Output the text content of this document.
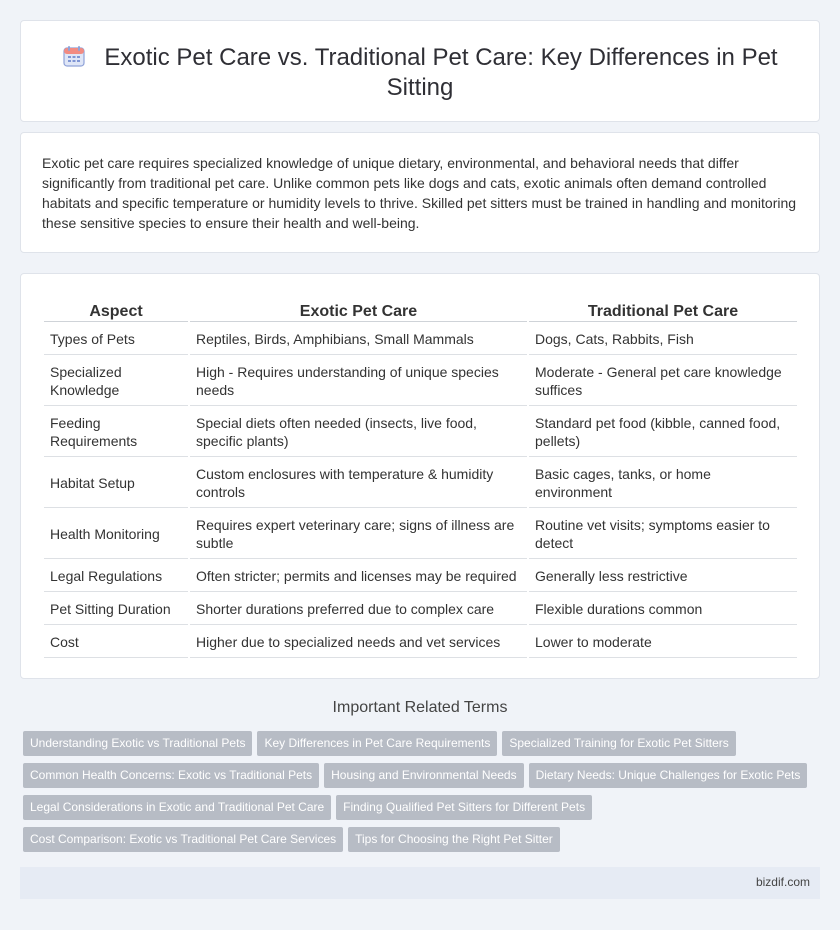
Exotic Pet Care vs. Traditional Pet Care: Key Differences in Pet Sitting

Exotic pet care requires specialized knowledge of unique dietary, environmental, and behavioral needs that differ significantly from traditional pet care. Unlike common pets like dogs and cats, exotic animals often demand controlled habitats and specific temperature or humidity levels to thrive. Skilled pet sitters must be trained in handling and monitoring these sensitive species to ensure their health and well-being.

Aspect	Exotic Pet Care	Traditional Pet Care
Types of Pets	Reptiles, Birds, Amphibians, Small Mammals	Dogs, Cats, Rabbits, Fish
Specialized Knowledge	High - Requires understanding of unique species needs	Moderate - General pet care knowledge suffices
Feeding Requirements	Special diets often needed (insects, live food, specific plants)	Standard pet food (kibble, canned food, pellets)
Habitat Setup	Custom enclosures with temperature & humidity controls	Basic cages, tanks, or home environment
Health Monitoring	Requires expert veterinary care; signs of illness are subtle	Routine vet visits; symptoms easier to detect
Legal Regulations	Often stricter; permits and licenses may be required	Generally less restrictive
Pet Sitting Duration	Shorter durations preferred due to complex care	Flexible durations common
Cost	Higher due to specialized needs and vet services	Lower to moderate
Important Related Terms
Understanding Exotic vs Traditional Pets Key Differences in Pet Care Requirements Specialized Training for Exotic Pet Sitters
Common Health Concerns: Exotic vs Traditional Pets Housing and Environmental Needs Dietary Needs: Unique Challenges for Exotic Pets
Legal Considerations in Exotic and Traditional Pet Care Finding Qualified Pet Sitters for Different Pets
Cost Comparison: Exotic vs Traditional Pet Care Services Tips for Choosing the Right Pet Sitter
bizdif.com
